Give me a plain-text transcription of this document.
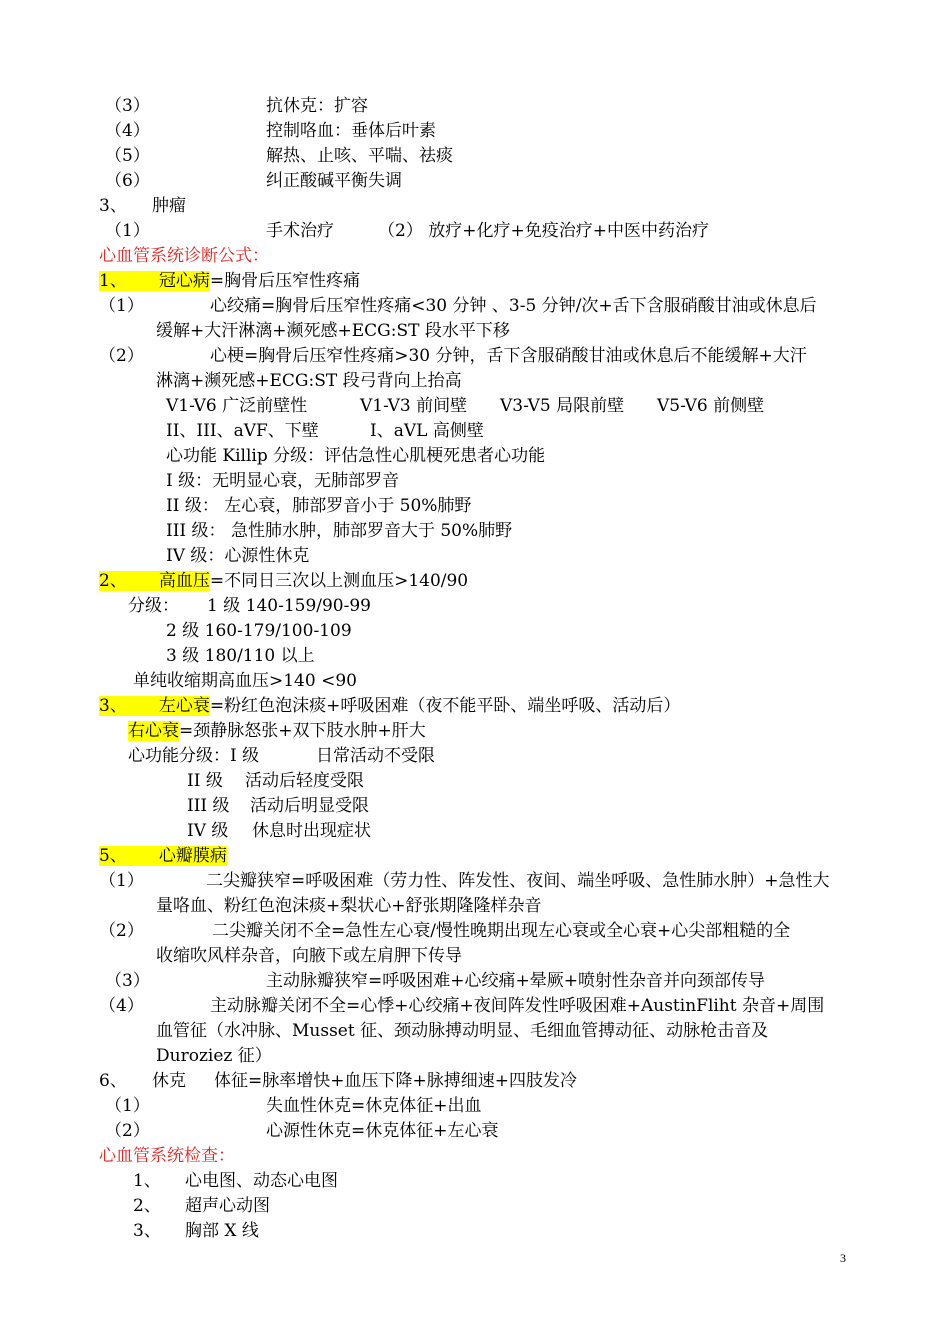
（3）	抗休克：扩容
（4）	控制咯血：垂体后叶素
（5）	解热、止咳、平喘、祛痰
（6）	纠正酸碱平衡失调
3、 肿瘤
（1）	手术治疗	（2） 放疗+化疗+免疫治疗+中医中药治疗
心血管系统诊断公式：
1、 冠心病=胸骨后压窄性疼痛
（1）	心绞痛=胸骨后压窄性疼痛<30 分钟 、3-5 分钟/次+舌下含服硝酸甘油或休息后
缓解+大汗淋漓+濒死感+ECG:ST 段水平下移
（2）	心梗=胸骨后压窄性疼痛>30 分钟，舌下含服硝酸甘油或休息后不能缓解+大汗
淋漓+濒死感+ECG:ST 段弓背向上抬高
V1-V6 广泛前壁性	V1-V3 前间壁 V3-V5 局限前壁 V5-V6 前侧壁
II、III、aVF、下壁	I、aVL 高侧壁
心功能 Killip 分级：评估急性心肌梗死患者心功能
I 级：无明显心衰，无肺部罗音
II 级： 左心衰，肺部罗音小于 50%肺野
III 级： 急性肺水肿，肺部罗音大于 50%肺野
IV 级：心源性休克
2、 高血压=不同日三次以上测血压>140/90
分级： 1 级 140-159/90-99
2 级 160-179/100-109
3 级 180/110 以上
单纯收缩期高血压>140 <90
3、 左心衰=粉红色泡沫痰+呼吸困难（夜不能平卧、端坐呼吸、活动后）
右心衰=颈静脉怒张+双下肢水肿+肝大
心功能分级：I 级	日常活动不受限
II 级 活动后轻度受限
III 级 活动后明显受限
IV 级 休息时出现症状
5、 心瓣膜病
（1）	二尖瓣狭窄=呼吸困难（劳力性、阵发性、夜间、端坐呼吸、急性肺水肿）+急性大
量咯血、粉红色泡沫痰+梨状心+舒张期隆隆样杂音
（2）	二尖瓣关闭不全=急性左心衰/慢性晚期出现左心衰或全心衰+心尖部粗糙的全
收缩吹风样杂音，向腋下或左肩胛下传导
（3）	主动脉瓣狭窄=呼吸困难+心绞痛+晕厥+喷射性杂音并向颈部传导
（4）	主动脉瓣关闭不全=心悸+心绞痛+夜间阵发性呼吸困难+AustinFliht 杂音+周围
血管征（水冲脉、Musset 征、颈动脉搏动明显、毛细血管搏动征、动脉枪击音及
Duroziez 征）
6、 休克 体征=脉率增快+血压下降+脉搏细速+四肢发冷
（1）	失血性休克=休克体征+出血
（2）	心源性休克=休克体征+左心衰
心血管系统检查：
1、 心电图、动态心电图
2、 超声心动图
3、 胸部 X 线
3
